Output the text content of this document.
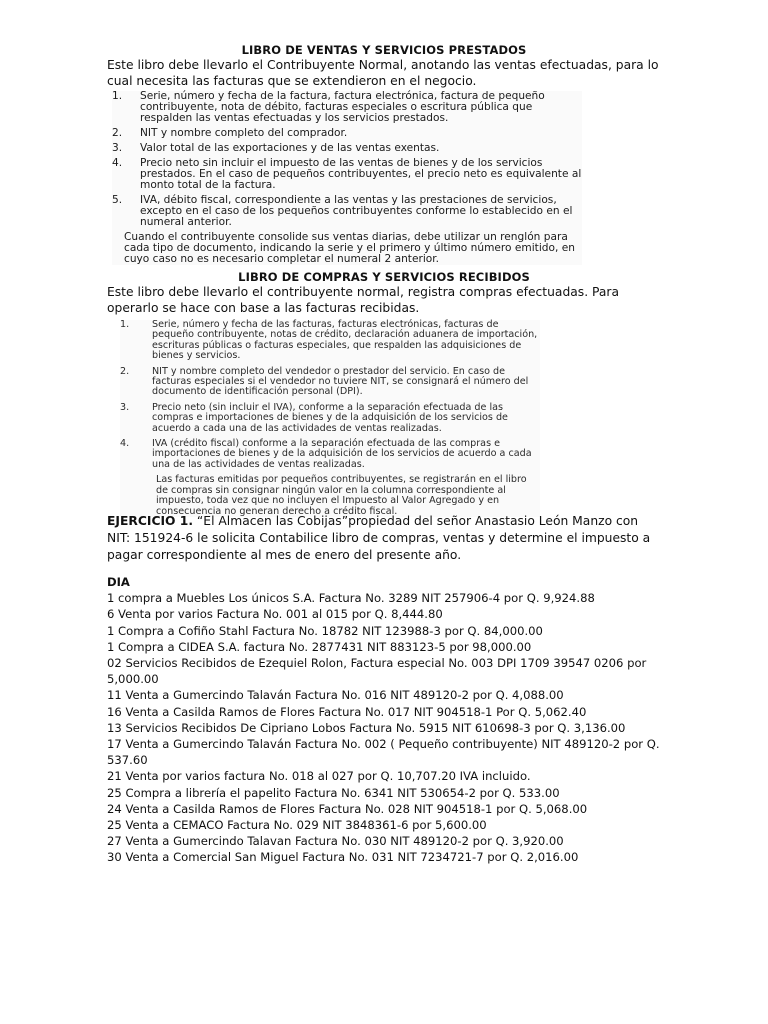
LIBRO DE VENTAS Y SERVICIOS PRESTADOS
Este libro debe llevarlo el Contribuyente Normal, anotando las ventas efectuadas, para lo cual necesita las facturas que se extendieron en el negocio.
1. Serie, número y fecha de la factura, factura electrónica, factura de pequeño contribuyente, nota de débito, facturas especiales o escritura pública que respalden las ventas efectuadas y los servicios prestados.
2. NIT y nombre completo del comprador.
3. Valor total de las exportaciones y de las ventas exentas.
4. Precio neto sin incluir el impuesto de las ventas de bienes y de los servicios prestados. En el caso de pequeños contribuyentes, el precio neto es equivalente al monto total de la factura.
5. IVA, débito fiscal, correspondiente a las ventas y las prestaciones de servicios, excepto en el caso de los pequeños contribuyentes conforme lo establecido en el numeral anterior.
Cuando el contribuyente consolide sus ventas diarias, debe utilizar un renglón para cada tipo de documento, indicando la serie y el primero y último número emitido, en cuyo caso no es necesario completar el numeral 2 anterior.
LIBRO DE COMPRAS Y SERVICIOS RECIBIDOS
Este libro debe llevarlo el contribuyente normal, registra compras efectuadas. Para operarlo se hace con base a las facturas recibidas.
1. Serie, número y fecha de las facturas, facturas electrónicas, facturas de pequeño contribuyente, notas de crédito, declaración aduanera de importación, escrituras públicas o facturas especiales, que respalden las adquisiciones de bienes y servicios.
2. NIT y nombre completo del vendedor o prestador del servicio. En caso de facturas especiales si el vendedor no tuviere NIT, se consignará el número del documento de identificación personal (DPI).
3. Precio neto (sin incluir el IVA), conforme a la separación efectuada de las compras e importaciones de bienes y de la adquisición de los servicios de acuerdo a cada una de las actividades de ventas realizadas.
4. IVA (crédito fiscal) conforme a la separación efectuada de las compras e importaciones de bienes y de la adquisición de los servicios de acuerdo a cada una de las actividades de ventas realizadas.
Las facturas emitidas por pequeños contribuyentes, se registrarán en el libro de compras sin consignar ningún valor en la columna correspondiente al impuesto, toda vez que no incluyen el Impuesto al Valor Agregado y en consecuencia no generan derecho a crédito fiscal.
EJERCICIO 1. “El Almacen las Cobijas”propiedad del señor Anastasio León Manzo con NIT: 151924-6 le solicita Contabilice libro de compras, ventas y determine el impuesto a pagar correspondiente al mes de enero del presente año.
DIA
1 compra a Muebles Los únicos S.A. Factura No. 3289 NIT 257906-4 por Q. 9,924.88
6 Venta por varios Factura No. 001 al 015 por Q. 8,444.80
1 Compra a Cofiño Stahl Factura No. 18782 NIT 123988-3 por Q. 84,000.00
1 Compra a CIDEA S.A. factura No. 2877431 NIT 883123-5 por 98,000.00
02 Servicios Recibidos de Ezequiel Rolon, Factura especial No. 003 DPI 1709 39547 0206 por 5,000.00
11 Venta a Gumercindo Talaván Factura No. 016 NIT 489120-2 por Q. 4,088.00
16 Venta a Casilda Ramos de Flores Factura No. 017 NIT 904518-1 Por Q. 5,062.40
13 Servicios Recibidos De Cipriano Lobos Factura No. 5915 NIT 610698-3 por Q. 3,136.00
17 Venta a Gumercindo Talaván Factura No. 002 ( Pequeño contribuyente) NIT 489120-2 por Q. 537.60
21 Venta por varios factura No. 018 al 027 por Q. 10,707.20 IVA incluido.
25 Compra a librería el papelito Factura No. 6341 NIT 530654-2 por Q. 533.00
24 Venta a Casilda Ramos de Flores Factura No. 028 NIT 904518-1 por Q. 5,068.00
25 Venta a CEMACO Factura No. 029 NIT 3848361-6 por 5,600.00
27 Venta a Gumercindo Talavan Factura No. 030 NIT 489120-2 por Q. 3,920.00
30 Venta a Comercial San Miguel Factura No. 031 NIT 7234721-7 por Q. 2,016.00
